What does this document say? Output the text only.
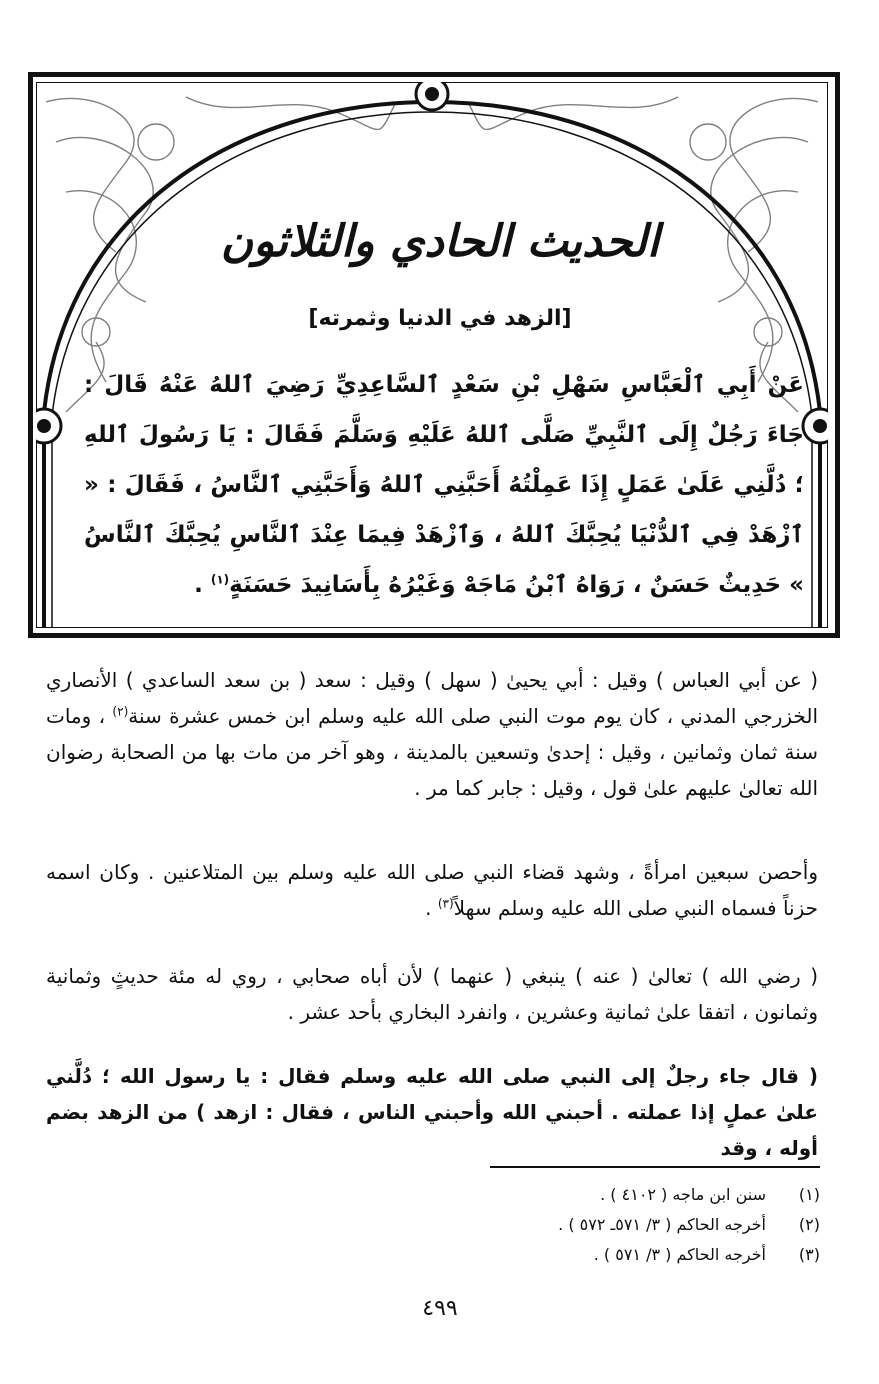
الحديث الحادي والثلاثون
[الزهد في الدنيا وثمرته]
عَنْ أَبِي ٱلْعَبَّاسِ سَهْلِ بْنِ سَعْدٍ ٱلسَّاعِدِيِّ رَضِيَ ٱللهُ عَنْهُ قَالَ : جَاءَ رَجُلٌ إِلَى ٱلنَّبِيِّ صَلَّى ٱللهُ عَلَيْهِ وَسَلَّمَ فَقَالَ : يَا رَسُولَ ٱللهِ ؛ دُلَّنِي عَلَىٰ عَمَلٍ إِذَا عَمِلْتُهُ أَحَبَّنِي ٱللهُ وَأَحَبَّنِي ٱلنَّاسُ ، فَقَالَ : « ٱزْهَدْ فِي ٱلدُّنْيَا يُحِبَّكَ ٱللهُ ، وَٱزْهَدْ فِيمَا عِنْدَ ٱلنَّاسِ يُحِبَّكَ ٱلنَّاسُ » حَدِيثٌ حَسَنٌ ، رَوَاهُ ٱبْنُ مَاجَهْ وَغَيْرُهُ بِأَسَانِيدَ حَسَنَةٍ$^{(١)}$ .

( عن أبي العباس ) وقيل : أبي يحيىٰ ( سهل ) وقيل : سعد ( بن سعد الساعدي ) الأنصاري الخزرجي المدني ، كان يوم موت النبي صلى الله عليه وسلم ابن خمس عشرة سنة$^{(٢)}$ ، ومات سنة ثمان وثمانين ، وقيل : إحدىٰ وتسعين بالمدينة ، وهو آخر من مات بها من الصحابة رضوان الله تعالىٰ عليهم علىٰ قول ، وقيل : جابر كما مر .

وأحصن سبعين امرأةً ، وشهد قضاء النبي صلى الله عليه وسلم بين المتلاعنين . وكان اسمه حزناً فسماه النبي صلى الله عليه وسلم سهلاً$^{(٣)}$ .

( رضي الله ) تعالىٰ ( عنه ) ينبغي ( عنهما ) لأن أباه صحابي ، روي له مئة حديثٍ وثمانية وثمانون ، اتفقا علىٰ ثمانية وعشرين ، وانفرد البخاري بأحد عشر .

( قال جاء رجلٌ إلى النبي صلى الله عليه وسلم فقال : يا رسول الله ؛ دُلَّني علىٰ عملٍ إذا عملته . أحبني الله وأحبني الناس ، فقال : ازهد ) من الزهد بضم أوله ، وقد

(١)
سنن ابن ماجه ( ٤١٠٢ ) .
(٢)
أخرجه الحاكم ( ٣/ ٥٧١ـ ٥٧٢ ) .
(٣)
أخرجه الحاكم ( ٣/ ٥٧١ ) .
٤٩٩
